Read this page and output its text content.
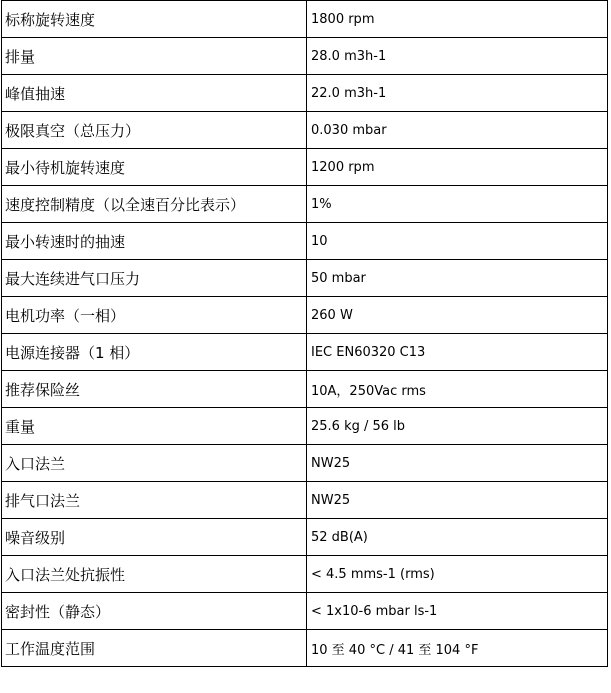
标称旋转速度	1800 rpm
排量	28.0 m3h-1
峰值抽速	22.0 m3h-1
极限真空（总压力）	0.030 mbar
最小待机旋转速度	1200 rpm
速度控制精度（以全速百分比表示）	1%
最小转速时的抽速	10
最大连续进气口压力	50 mbar
电机功率（一相）	260 W
电源连接器（1 相）	IEC EN60320 C13
推荐保险丝	10A，250Vac rms
重量	25.6 kg / 56 lb
入口法兰	NW25
排气口法兰	NW25
噪音级别	52 dB(A)
入口法兰处抗振性	< 4.5 mms-1 (rms)
密封性（静态）	< 1x10-6 mbar ls-1
工作温度范围	10 至 40 °C / 41 至 104 °F
